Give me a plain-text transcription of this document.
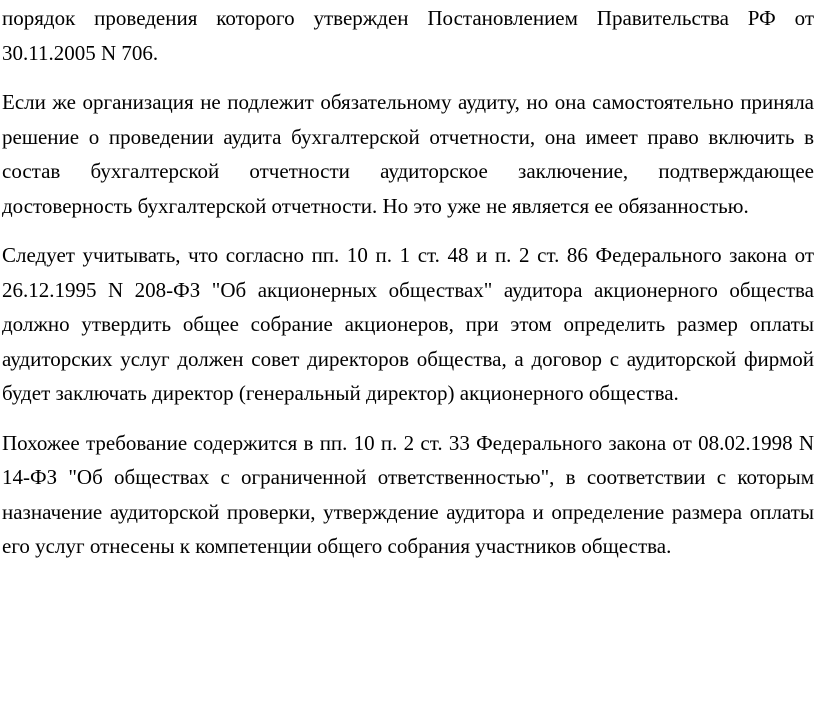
порядок проведения которого утвержден Постановлением Правительства РФ от 30.11.2005 N 706.

Если же организация не подлежит обязательному аудиту, но она самостоятельно приняла решение о проведении аудита бухгалтерской отчетности, она имеет право включить в состав бухгалтерской отчетности аудиторское заключение, подтверждающее достоверность бухгалтерской отчетности. Но это уже не является ее обязанностью.

Следует учитывать, что согласно пп. 10 п. 1 ст. 48 и п. 2 ст. 86 Федерального закона от 26.12.1995 N 208-ФЗ "Об акционерных обществах" аудитора акционерного общества должно утвердить общее собрание акционеров, при этом определить размер оплаты аудиторских услуг должен совет директоров общества, а договор с аудиторской фирмой будет заключать директор (генеральный директор) акционерного общества.

Похожее требование содержится в пп. 10 п. 2 ст. 33 Федерального закона от 08.02.1998 N 14-ФЗ "Об обществах с ограниченной ответственностью", в соответствии с которым назначение аудиторской проверки, утверждение аудитора и определение размера оплаты его услуг отнесены к компетенции общего собрания участников общества.
